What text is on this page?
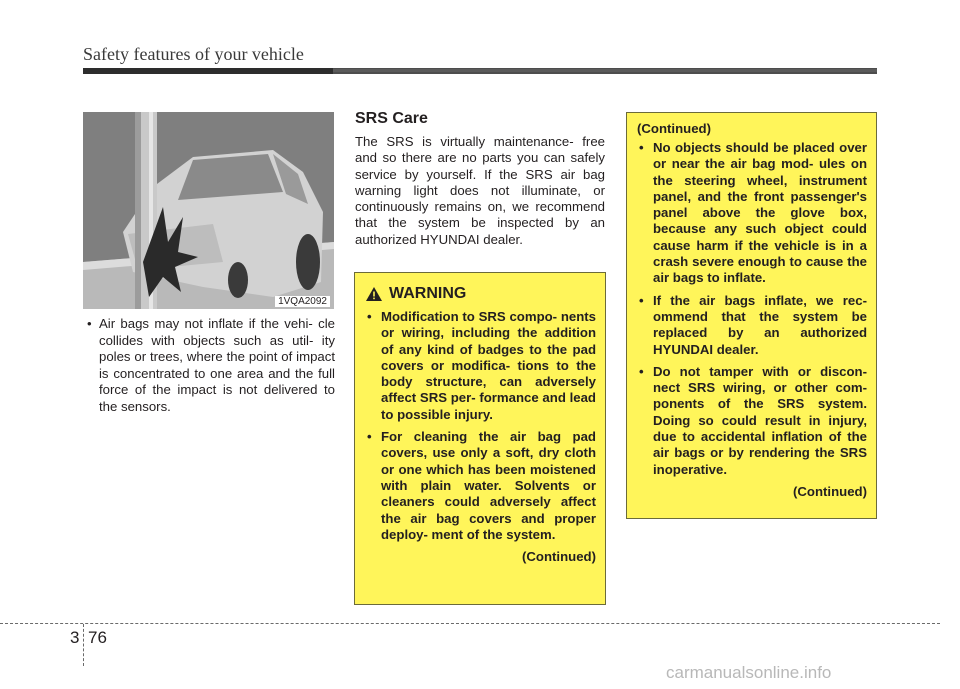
Safety features of your vehicle
1VQA2092
• Air bags may not inflate if the vehi- cle collides with objects such as util- ity poles or trees, where the point of impact is concentrated to one area and the full force of the impact is not delivered to the sensors.
SRS Care

The SRS is virtually maintenance- free and so there are no parts you can safely service by yourself. If the SRS air bag warning light does not illuminate, or continuously remains on, we recommend that the system be inspected by an authorized HYUNDAI dealer.

WARNING
• Modification to SRS compo- nents or wiring, including the addition of any kind of badges to the pad covers or modifica- tions to the body structure, can adversely affect SRS per- formance and lead to possible injury.
• For cleaning the air bag pad covers, use only a soft, dry cloth or one which has been moistened with plain water. Solvents or cleaners could adversely affect the air bag covers and proper deploy- ment of the system.
(Continued)
(Continued)
• No objects should be placed over or near the air bag mod- ules on the steering wheel, instrument panel, and the front passenger's panel above the glove box, because any such object could cause harm if the vehicle is in a crash severe enough to cause the air bags to inflate.
• If the air bags inflate, we rec- ommend that the system be replaced by an authorized HYUNDAI dealer.
• Do not tamper with or discon- nect SRS wiring, or other com- ponents of the SRS system. Doing so could result in injury, due to accidental inflation of the air bags or by rendering the SRS inoperative.
(Continued)
3 76
carmanualsonline.info
